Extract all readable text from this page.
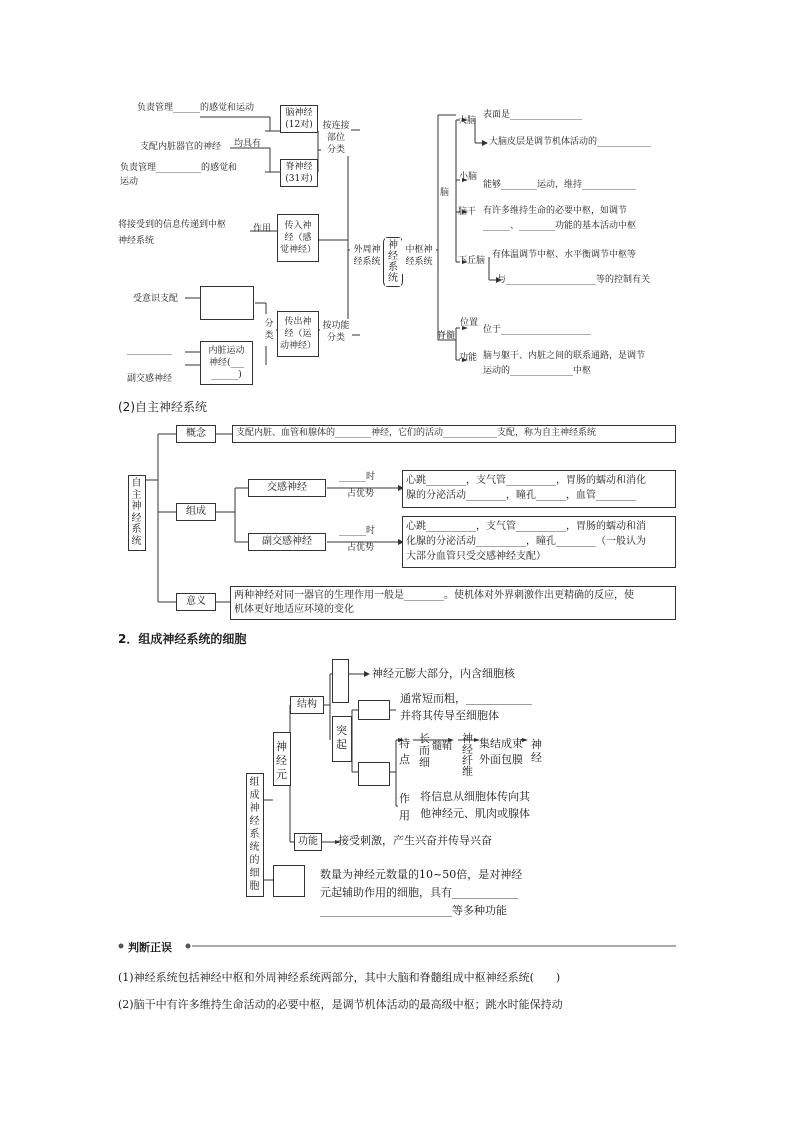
负责管理______的感觉和运动
支配内脏器官的神经 均具有
负责管理__________的感觉和
运动
脑神经
(12对)
脊神经
(31对)
按连接
部位
分类
将接受到的信息传递到中枢
神经系统
作用	传入神
经（感
觉神经）
受意识支配
分
类
传出神
经（运
动神经）
按功能
分类
__________	内脏运动
神经(___
______)
副交感神经
外周神
经系统
神
经
系
统
中枢神
经系统
脑
脊髓
大脑
表面是________________
大脑皮层是调节机体活动的____________
小脑
能够________运动，维持____________
脑干 有许多维持生命的必要中枢，如调节
______、________功能的基本活动中枢
下丘脑
有体温调节中枢、水平衡调节中枢等
与____________________等的控制有关
位置
位于____________________
功能 脑与躯干、内脏之间的联系通路，是调节
运动的______________中枢
(2)自主神经系统
自
主
神
经
系
统
概念	支配内脏、血管和腺体的________神经，它们的活动____________支配，称为自主神经系统
组成
交感神经
______时
占优势
心跳________，支气管__________，胃肠的蠕动和消化
腺的分泌活动________，瞳孔______，血管________
副交感神经
______时
占优势
心跳__________，支气管__________，胃肠的蠕动和消
化腺的分泌活动__________，瞳孔________（一般认为
大部分血管只受交感神经支配）
意义
两种神经对同一器官的生理作用一般是________。使机体对外界刺激作出更精确的反应，使
机体更好地适应环境的变化
2．组成神经系统的细胞
组
成
神
经
系
统
的
细
胞
神
经
元
结构
神经元膨大部分，内含细胞核
突
起
通常短而粗，____________
并将其传导至细胞体
特
点
长
而
细
髓鞘
神
经
纤
维
集结成束
外面包膜
神
经
作
用
将信息从细胞体传向其
他神经元、肌肉或腺体
功能	接受刺激，产生兴奋并传导兴奋
数量为神经元数量的10~50倍，是对神经
元起辅助作用的细胞，具有____________
________________________等多种功能
判断正误
(1)神经系统包括神经中枢和外周神经系统两部分，其中大脑和脊髓组成中枢神经系统(　　)
(2)脑干中有许多维持生命活动的必要中枢，是调节机体活动的最高级中枢；跳水时能保持动
